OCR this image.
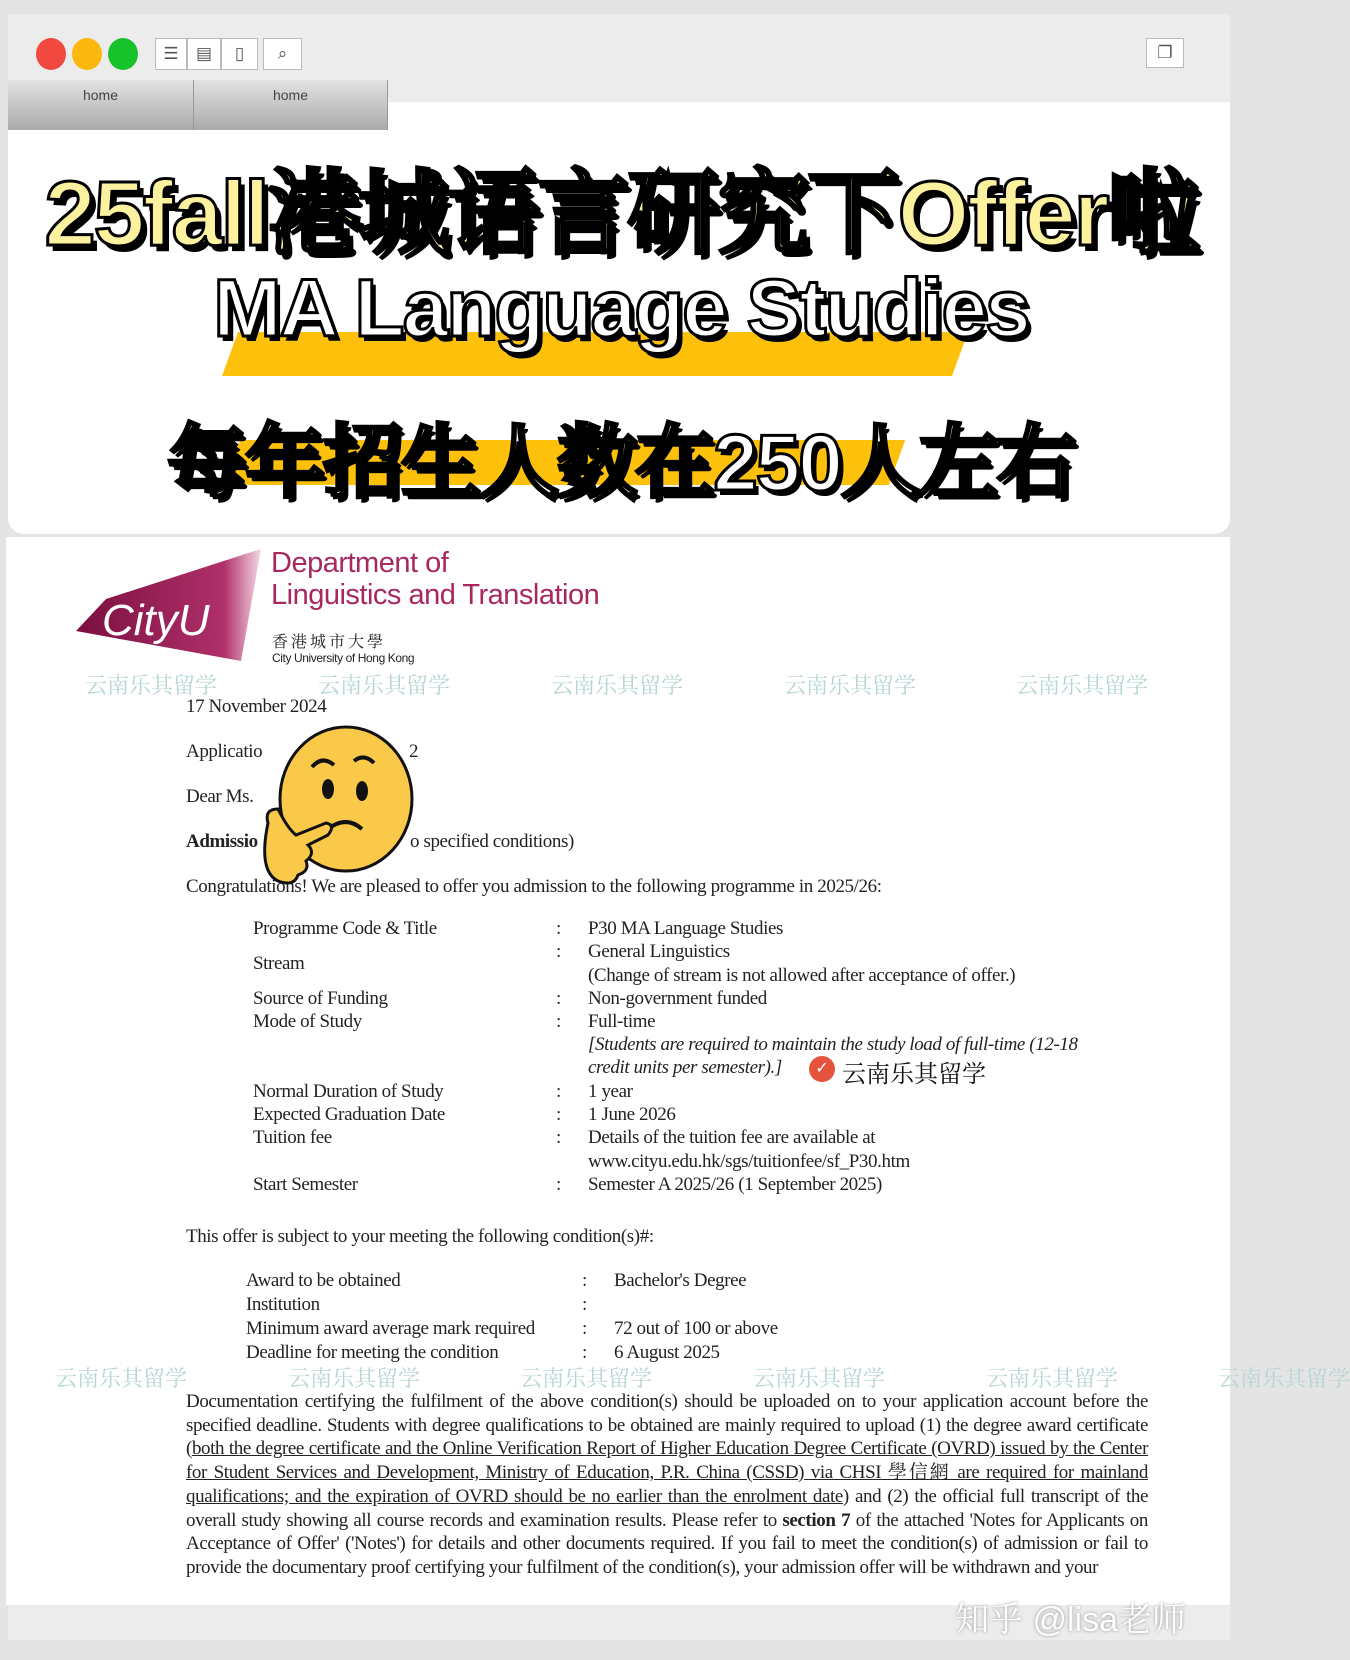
☰	▤	▯	⌕	❐
home	home
25fall港城语言研究下Offer啦
MA Language Studies
每年招生人数在250人左右
CityU
Department of
Linguistics and Translation
香港城市大學
City University of Hong Kong
云南乐其留学	云南乐其留学	云南乐其留学	云南乐其留学	云南乐其留学
17 November 2024
Applicatio	2
Dear Ms.
Admissio	o specified conditions)
Congratulations! We are pleased to offer you admission to the following programme in 2025/26:
Programme Code & Title	: P30 MA Language Studies
Stream
: General Linguistics
(Change of stream is not allowed after acceptance of offer.)
Source of Funding	: Non-government funded
Mode of Study	: Full-time
[Students are required to maintain the study load of full-time (12-18
credit units per semester).]	✓ 云南乐其留学
Normal Duration of Study	: 1 year
Expected Graduation Date	: 1 June 2026
Tuition fee	: Details of the tuition fee are available at
www.cityu.edu.hk/sgs/tuitionfee/sf_P30.htm
Start Semester	: Semester A 2025/26 (1 September 2025)
This offer is subject to your meeting the following condition(s)#:
Award to be obtained	: Bachelor's Degree
Institution	:
Minimum award average mark required : 72 out of 100 or above
Deadline for meeting the condition	: 6 August 2025
云南乐其留学	云南乐其留学	云南乐其留学	云南乐其留学	云南乐其留学	云南乐其留学
Documentation certifying the fulfilment of the above condition(s) should be uploaded on to your application account before the specified deadline. Students with degree qualifications to be obtained are mainly required to upload (1) the degree award certificate (both the degree certificate and the Online Verification Report of Higher Education Degree Certificate (OVRD) issued by the Center for Student Services and Development, Ministry of Education, P.R. China (CSSD) via CHSI 學信網 are required for mainland qualifications; and the expiration of OVRD should be no earlier than the enrolment date) and (2) the official full transcript of the overall study showing all course records and examination results. Please refer to section 7 of the attached 'Notes for Applicants on Acceptance of Offer' ('Notes') for details and other documents required. If you fail to meet the condition(s) of admission or fail to provide the documentary proof certifying your fulfilment of the condition(s), your admission offer will be withdrawn and your
知乎 @lisa老师
